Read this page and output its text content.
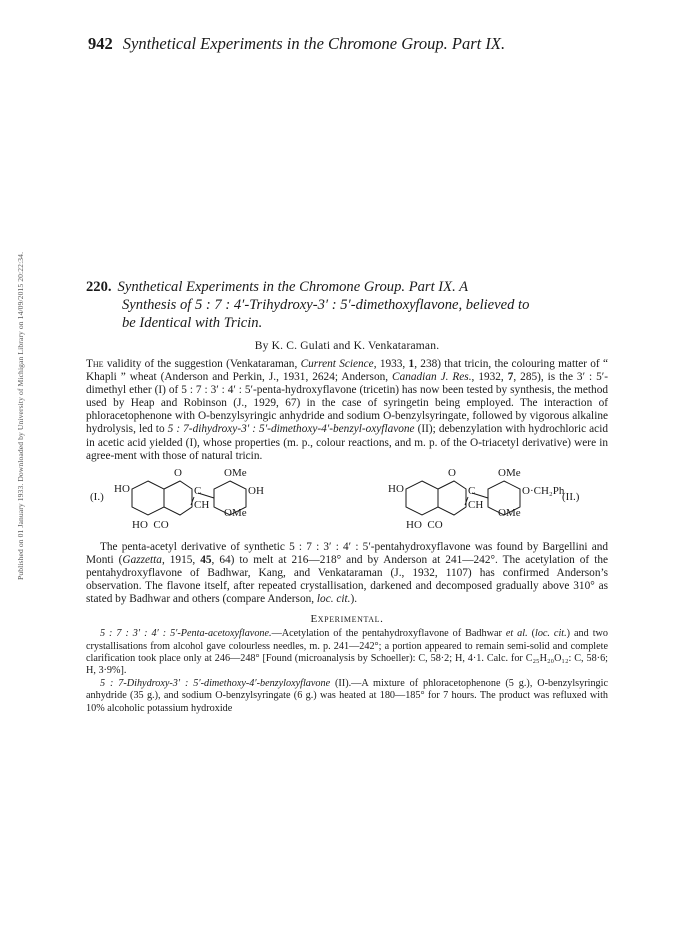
Published on 01 January 1933. Downloaded by University of Michigan Library on 14/09/2015 20:22:34.
942 Synthetical Experiments in the Chromone Group. Part IX.

220. Synthetical Experiments in the Chromone Group. Part IX. A
Synthesis of 5 : 7 : 4′-Trihydroxy-3′ : 5′-dimethoxyflavone, believed to
be Identical with Tricin.

By K. C. Gulati and K. Venkataraman.

The validity of the suggestion (Venkataraman, Current Science, 1933, 1, 238) that tricin, the colouring matter of “ Khapli ” wheat (Anderson and Perkin, J., 1931, 2624; Anderson, Canadian J. Res., 1932, 7, 285), is the 3′ : 5′-dimethyl ether (I) of 5 : 7 : 3′ : 4′ : 5′-penta-hydroxyflavone (tricetin) has now been tested by synthesis, the method used by Heap and Robinson (J., 1929, 67) in the case of syringetin being employed. The interaction of phloracetophenone with O-benzylsyringic anhydride and sodium O-benzylsyringate, followed by vigorous alkaline hydrolysis, led to 5 : 7-dihydroxy-3′ : 5′-dimethoxy-4′-benzyl-oxyflavone (II); debenzylation with hydrochloric acid in acetic acid yielded (I), whose properties (m. p., colour reactions, and m. p. of the O-triacetyl derivative) were in agree-ment with those of natural tricin.

(I.)
O	OMe
HO	C	OH
CH
OMe
HO  CO
(II.)
O	OMe
HO	C	O·CH₂Ph
CH
OMe
HO  CO

The penta-acetyl derivative of synthetic 5 : 7 : 3′ : 4′ : 5′-pentahydroxyflavone was found by Bargellini and Monti (Gazzetta, 1915, 45, 64) to melt at 216—218° and by Anderson at 241—242°. The acetylation of the pentahydroxyflavone of Badhwar, Kang, and Venkataraman (J., 1932, 1107) has confirmed Anderson’s observation. The flavone itself, after repeated crystallisation, darkened and decomposed gradually above 310° as stated by Badhwar and others (compare Anderson, loc. cit.).

Experimental.

5 : 7 : 3′ : 4′ : 5′-Penta-acetoxyflavone.—Acetylation of the pentahydroxyflavone of Badhwar et al. (loc. cit.) and two crystallisations from alcohol gave colourless needles, m. p. 241—242°; a portion appeared to remain semi-solid and complete clarification took place only at 246—248° [Found (microanalysis by Schoeller): C, 58·2; H, 4·1. Calc. for C₂₅H₂₀O₁₂: C, 58·6; H, 3·9%].

5 : 7-Dihydroxy-3′ : 5′-dimethoxy-4′-benzyloxyflavone (II).—A mixture of phloracetophenone (5 g.), O-benzylsyringic anhydride (35 g.), and sodium O-benzylsyringate (6 g.) was heated at 180—185° for 7 hours. The product was refluxed with 10% alcoholic potassium hydroxide
